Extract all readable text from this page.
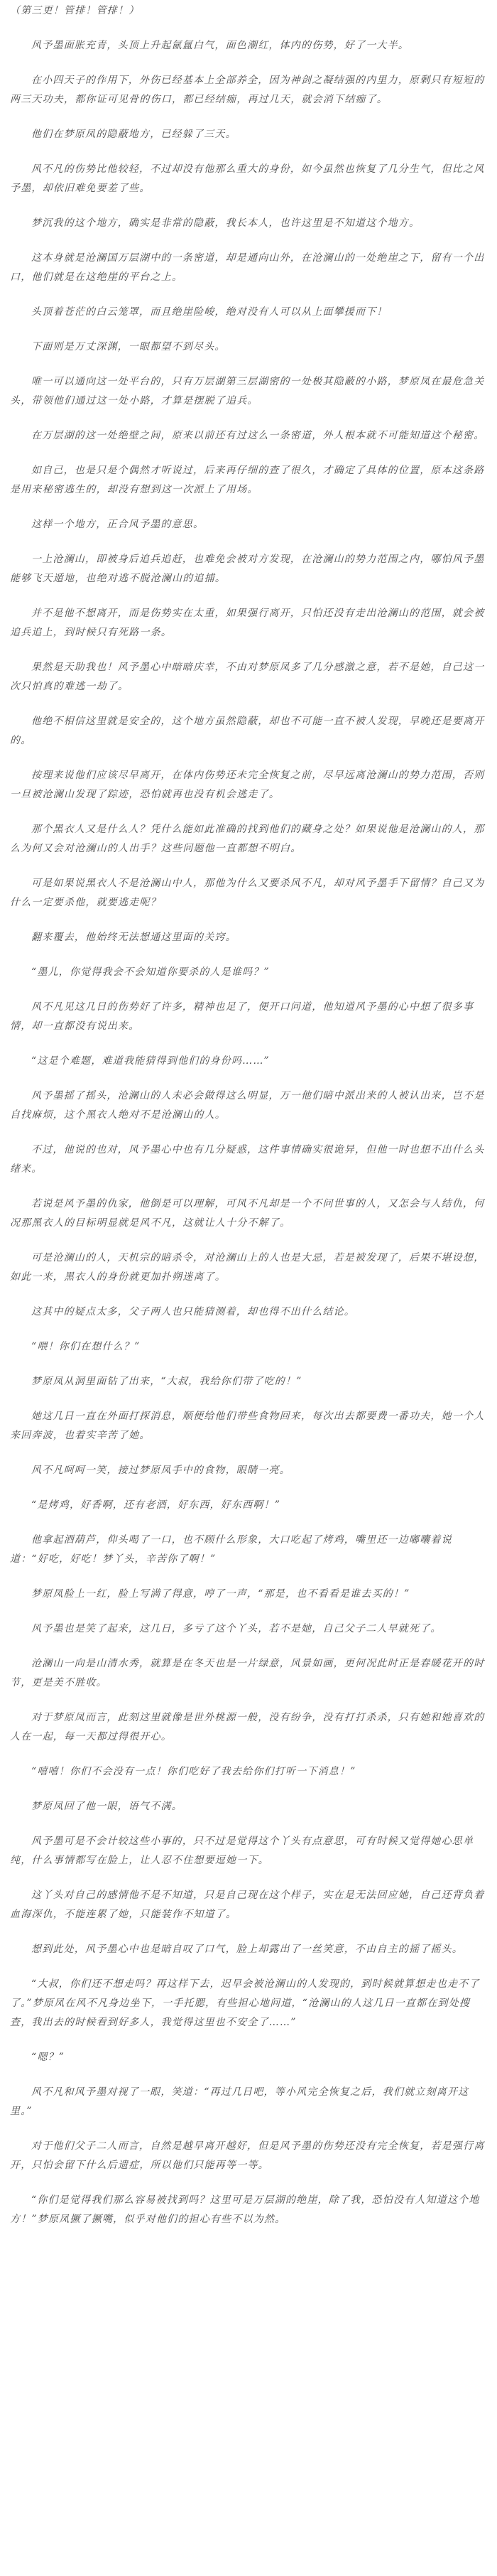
（第三更！管排！管排！）

风予墨面胀充青，头顶上升起氤氲白气，面色潮红，体内的伤势，好了一大半。

在小四天子的作用下，外伤已经基本上全部养全，因为神剑之凝结强的内里力，原剩只有短短的两三天功夫，都你证可见骨的伤口，都已经结痂，再过几天，就会消下结痂了。

他们在梦原凤的隐蔽地方，已经躲了三天。

风不凡的伤势比他较轻，不过却没有他那么重大的身份，如今虽然也恢复了几分生气，但比之风予墨，却依旧难免要差了些。

梦沉我的这个地方，确实是非常的隐蔽，我长本人，也许这里是不知道这个地方。

这本身就是沧澜国万层湖中的一条密道，却是通向山外，在沧澜山的一处绝崖之下，留有一个出口，他们就是在这绝崖的平台之上。

头顶着苍茫的白云笼罩，而且绝崖险峻，绝对没有人可以从上面攀援而下！

下面则是万丈深渊，一眼都望不到尽头。

唯一可以通向这一处平台的，只有万层湖第三层湖密的一处极其隐蔽的小路，梦原凤在最危急关头，带领他们通过这一处小路，才算是摆脱了追兵。

在万层湖的这一处绝壁之间，原来以前还有过这么一条密道，外人根本就不可能知道这个秘密。

如自己，也是只是个偶然才听说过，后来再仔细的查了很久，才确定了具体的位置，原本这条路是用来秘密逃生的，却没有想到这一次派上了用场。

这样一个地方，正合风予墨的意思。

一上沧澜山，即被身后追兵追赶，也难免会被对方发现，在沧澜山的势力范围之内，哪怕风予墨能够飞天遁地，也绝对逃不脱沧澜山的追捕。

并不是他不想离开，而是伤势实在太重，如果强行离开，只怕还没有走出沧澜山的范围，就会被追兵追上，到时候只有死路一条。

果然是天助我也！风予墨心中暗暗庆幸，不由对梦原凤多了几分感激之意，若不是她，自己这一次只怕真的难逃一劫了。

他绝不相信这里就是安全的，这个地方虽然隐蔽，却也不可能一直不被人发现，早晚还是要离开的。

按理来说他们应该尽早离开，在体内伤势还未完全恢复之前，尽早远离沧澜山的势力范围，否则一旦被沧澜山发现了踪迹，恐怕就再也没有机会逃走了。

那个黑衣人又是什么人？凭什么能如此准确的找到他们的藏身之处？如果说他是沧澜山的人，那么为何又会对沧澜山的人出手？这些问题他一直都想不明白。

可是如果说黑衣人不是沧澜山中人，那他为什么又要杀风不凡，却对风予墨手下留情？自己又为什么一定要杀他，就要逃走呢？

翻来覆去，他始终无法想通这里面的关窍。

“墨儿，你觉得我会不会知道你要杀的人是谁吗？”

风不凡见这几日的伤势好了许多，精神也足了，便开口问道，他知道风予墨的心中想了很多事情，却一直都没有说出来。

“这是个难题，难道我能猜得到他们的身份吗……”

风予墨摇了摇头，沧澜山的人未必会做得这么明显，万一他们暗中派出来的人被认出来，岂不是自找麻烦，这个黑衣人绝对不是沧澜山的人。

不过，他说的也对，风予墨心中也有几分疑惑，这件事情确实很诡异，但他一时也想不出什么头绪来。

若说是风予墨的仇家，他倒是可以理解，可风不凡却是一个不问世事的人，又怎会与人结仇，何况那黑衣人的目标明显就是风不凡，这就让人十分不解了。

可是沧澜山的人，天机宗的暗杀令，对沧澜山上的人也是大忌，若是被发现了，后果不堪设想，如此一来，黑衣人的身份就更加扑朔迷离了。

这其中的疑点太多，父子两人也只能猜测着，却也得不出什么结论。

“喂！你们在想什么？”

梦原凤从洞里面钻了出来，“大叔，我给你们带了吃的！”

她这几日一直在外面打探消息，顺便给他们带些食物回来，每次出去都要费一番功夫，她一个人来回奔波，也着实辛苦了她。

风不凡呵呵一笑，接过梦原凤手中的食物，眼睛一亮。

“是烤鸡，好香啊，还有老酒，好东西，好东西啊！”

他拿起酒葫芦，仰头喝了一口，也不顾什么形象，大口吃起了烤鸡，嘴里还一边嘟囔着说道：“好吃，好吃！梦丫头，辛苦你了啊！”

梦原凤脸上一红，脸上写满了得意，哼了一声，“那是，也不看看是谁去买的！”

风予墨也是笑了起来，这几日，多亏了这个丫头，若不是她，自己父子二人早就死了。

沧澜山一向是山清水秀，就算是在冬天也是一片绿意，风景如画，更何况此时正是春暖花开的时节，更是美不胜收。

对于梦原凤而言，此刻这里就像是世外桃源一般，没有纷争，没有打打杀杀，只有她和她喜欢的人在一起，每一天都过得很开心。

“嘻嘻！你们不会没有一点！你们吃好了我去给你们打听一下消息！”

梦原凤回了他一眼，语气不满。

风予墨可是不会计较这些小事的，只不过是觉得这个丫头有点意思，可有时候又觉得她心思单纯，什么事情都写在脸上，让人忍不住想要逗她一下。

这丫头对自己的感情他不是不知道，只是自己现在这个样子，实在是无法回应她，自己还背负着血海深仇，不能连累了她，只能装作不知道了。

想到此处，风予墨心中也是暗自叹了口气，脸上却露出了一丝笑意，不由自主的摇了摇头。

“大叔，你们还不想走吗？再这样下去，迟早会被沧澜山的人发现的，到时候就算想走也走不了了。”梦原凤在风不凡身边坐下，一手托腮，有些担心地问道，“沧澜山的人这几日一直都在到处搜查，我出去的时候看到好多人，我觉得这里也不安全了……”

“嗯？”

风不凡和风予墨对视了一眼，笑道：“再过几日吧，等小风完全恢复之后，我们就立刻离开这里。”

对于他们父子二人而言，自然是越早离开越好，但是风予墨的伤势还没有完全恢复，若是强行离开，只怕会留下什么后遗症，所以他们只能再等一等。

“你们是觉得我们那么容易被找到吗？这里可是万层湖的绝崖，除了我，恐怕没有人知道这个地方！”梦原凤撅了撅嘴，似乎对他们的担心有些不以为然。
